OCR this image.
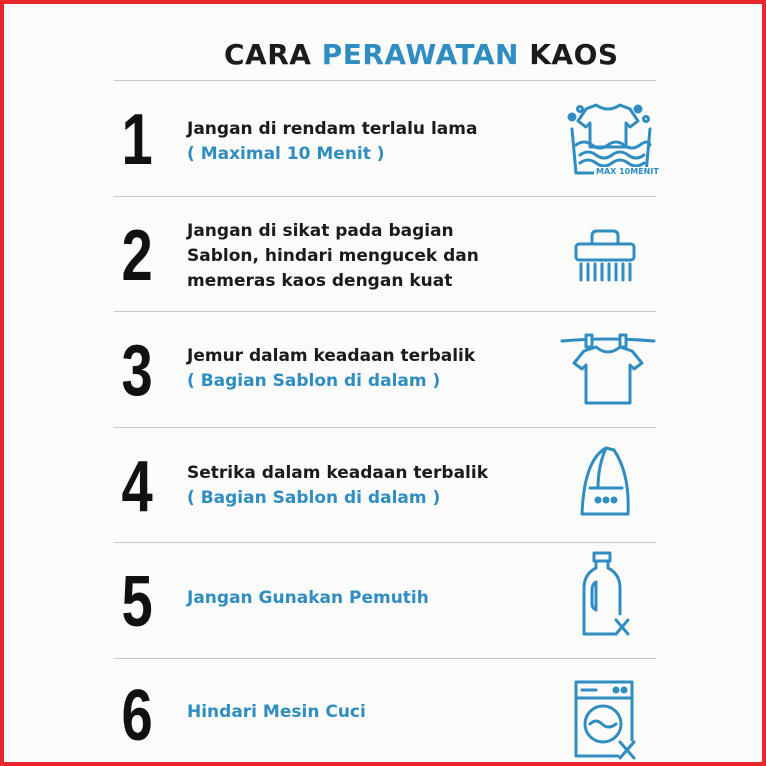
CARA PERAWATAN KAOS
1 Jangan di rendam terlalu lama
( Maximal 10 Menit )
MAX 10MENIT
2 Jangan di sikat pada bagian
Sablon, hindari mengucek dan
memeras kaos dengan kuat
3 Jemur dalam keadaan terbalik
( Bagian Sablon di dalam )
4 Setrika dalam keadaan terbalik
( Bagian Sablon di dalam )
5 Jangan Gunakan Pemutih
6 Hindari Mesin Cuci
